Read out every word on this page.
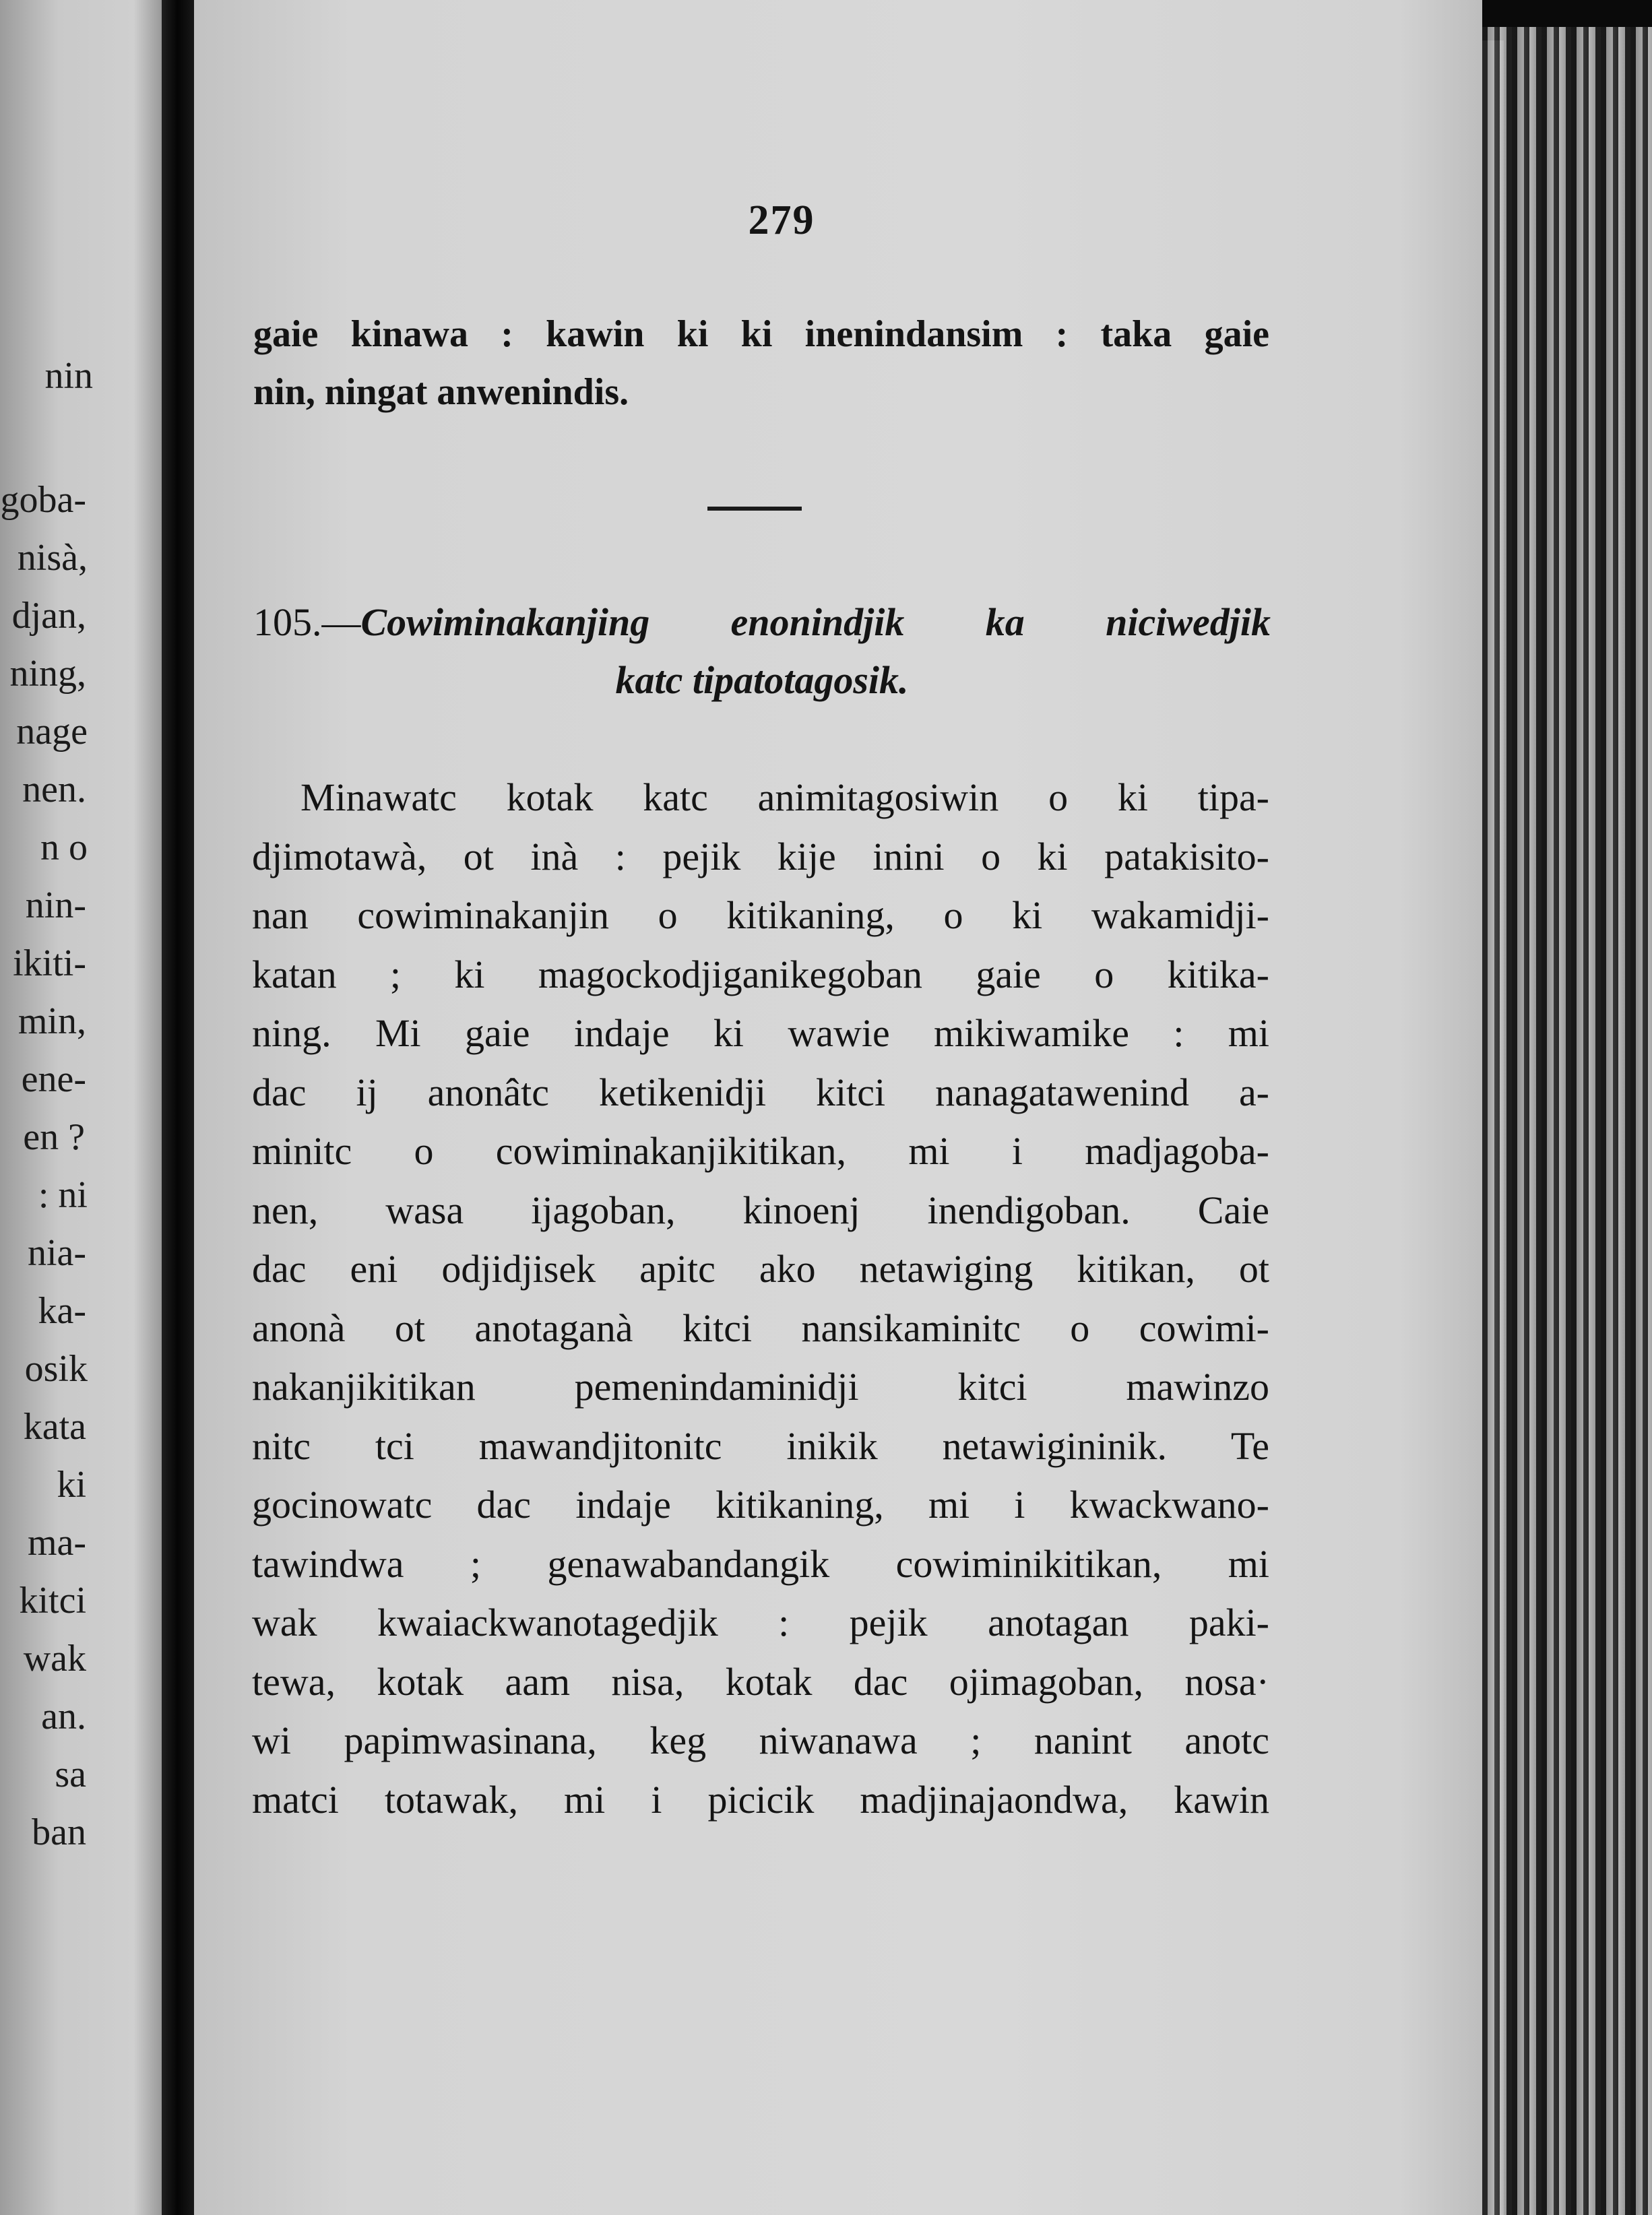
nin
goba-
nisà,
djan,
ning,
nage
nen.
n o
nin-
ikiti-
min,
ene-
en ?
: ni
nia-
ka-
osik
kata
ki
ma-
kitci
wak
an.
sa
ban
279
gaie kinawa : kawin ki ki inenindansim : taka gaie
nin, ningat anwenindis.
105.—Cowiminakanjing enonindjik ka niciwedjik
katc tipatotagosik.
Minawatc kotak katc animitagosiwin o ki tipa-
djimotawà, ot inà : pejik kije inini o ki patakisito-
nan cowiminakanjin o kitikaning, o ki wakamidji-
katan ; ki magockodjiganikegoban gaie o kitika-
ning. Mi gaie indaje ki wawie mikiwamike : mi
dac ij anonâtc ketikenidji kitci nanagatawenind a-
minitc o cowiminakanjikitikan, mi i madjagoba-
nen, wasa ijagoban, kinoenj inendigoban. Caie
dac eni odjidjisek apitc ako netawiging kitikan, ot
anonà ot anotaganà kitci nansikaminitc o cowimi-
nakanjikitikan pemenindaminidji kitci mawinzo
nitc tci mawandjitonitc inikik netawigininik. Te
gocinowatc dac indaje kitikaning, mi i kwackwano-
tawindwa ; genawabandangik cowiminikitikan, mi
wak kwaiackwanotagedjik : pejik anotagan paki-
tewa, kotak aam nisa, kotak dac ojimagoban, nosa·
wi papimwasinana, keg niwanawa ; nanint anotc
matci totawak, mi i picicik madjinajaondwa, kawin
